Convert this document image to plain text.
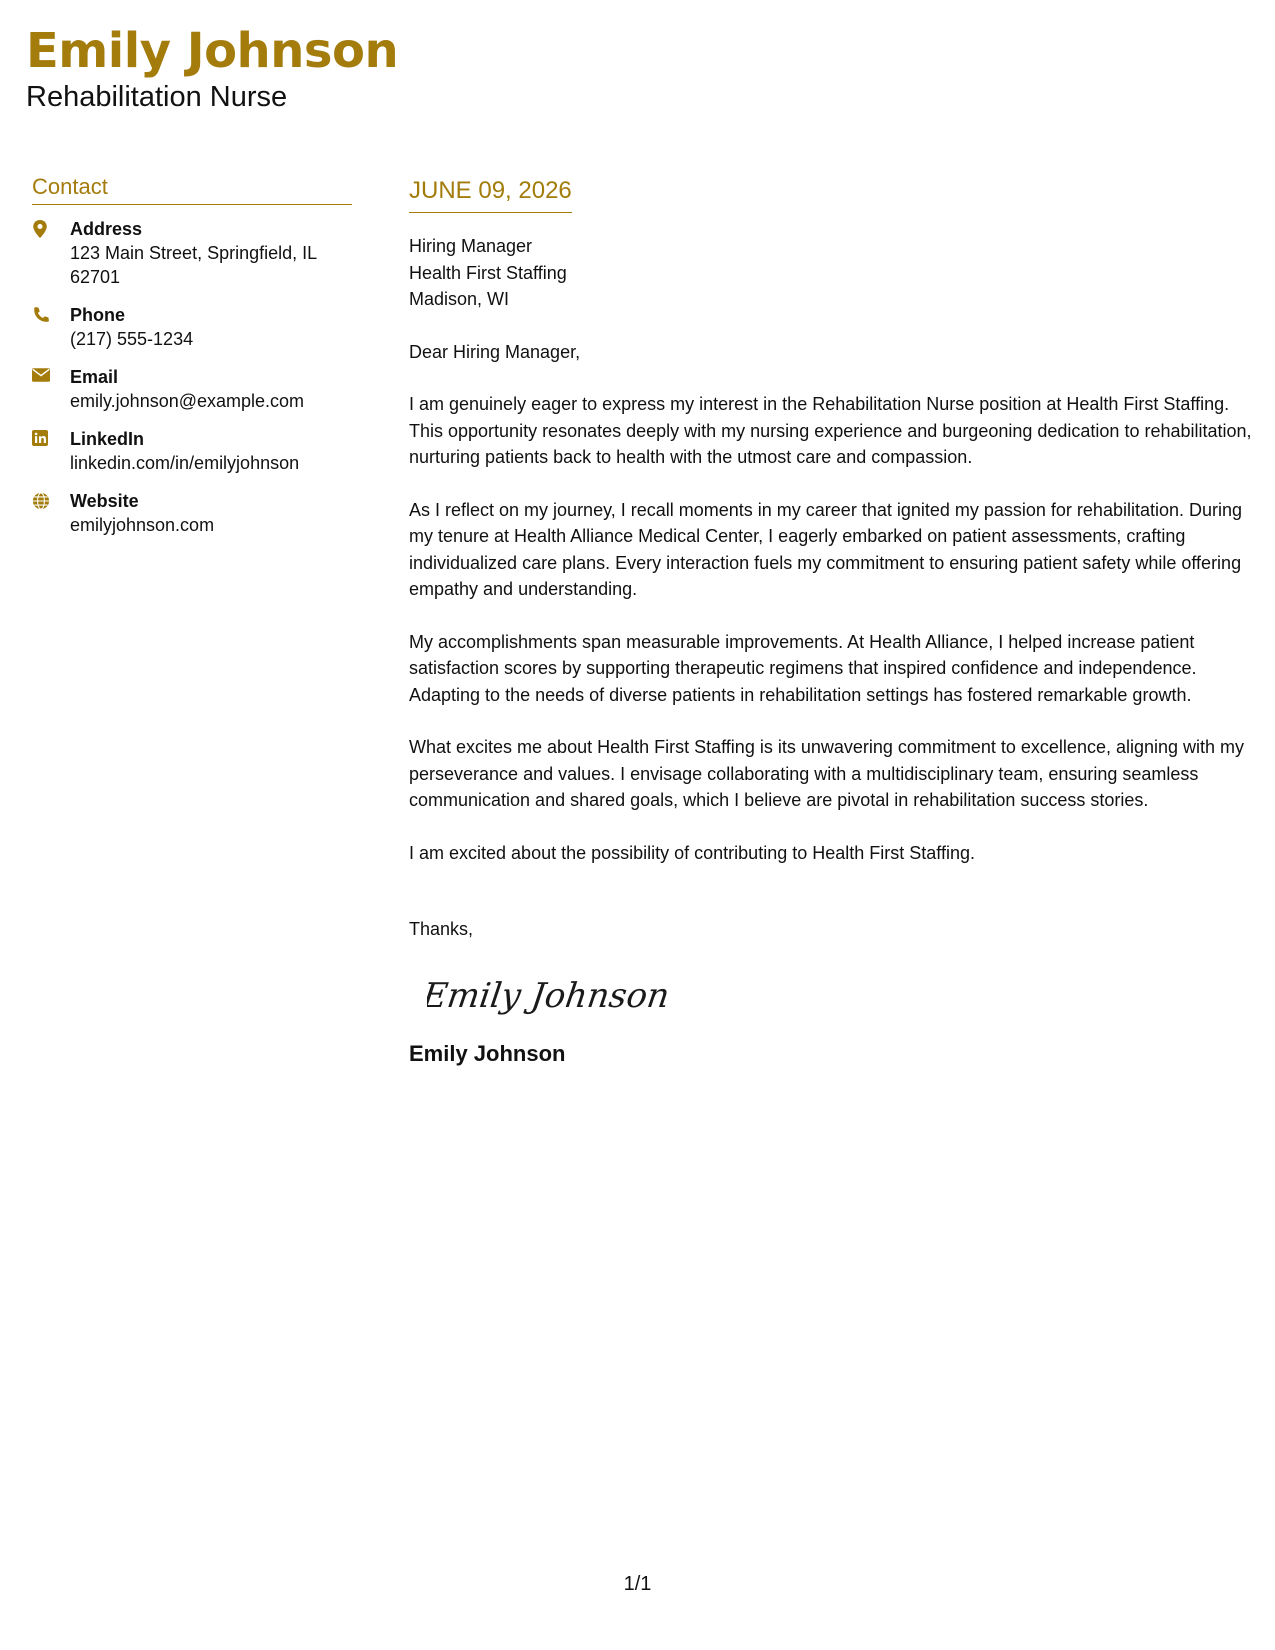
Emily Johnson
Rehabilitation Nurse
Contact
Address
123 Main Street, Springfield, IL 62701
Phone
(217) 555-1234
Email
emily.johnson@example.com
LinkedIn
linkedin.com/in/emilyjohnson
Website
emilyjohnson.com
JUNE 09, 2026
Hiring Manager
Health First Staffing
Madison, WI
Dear Hiring Manager,

I am genuinely eager to express my interest in the Rehabilitation Nurse position at Health First Staffing. This opportunity resonates deeply with my nursing experience and burgeoning dedication to rehabilitation, nurturing patients back to health with the utmost care and compassion.

As I reflect on my journey, I recall moments in my career that ignited my passion for rehabilitation. During my tenure at Health Alliance Medical Center, I eagerly embarked on patient assessments, crafting individualized care plans. Every interaction fuels my commitment to ensuring patient safety while offering empathy and understanding.

My accomplishments span measurable improvements. At Health Alliance, I helped increase patient satisfaction scores by supporting therapeutic regimens that inspired confidence and independence. Adapting to the needs of diverse patients in rehabilitation settings has fostered remarkable growth.

What excites me about Health First Staffing is its unwavering commitment to excellence, aligning with my perseverance and values. I envisage collaborating with a multidisciplinary team, ensuring seamless communication and shared goals, which I believe are pivotal in rehabilitation success stories.

I am excited about the possibility of contributing to Health First Staffing.

Thanks,
Emily Johnson
Emily Johnson
1/1
